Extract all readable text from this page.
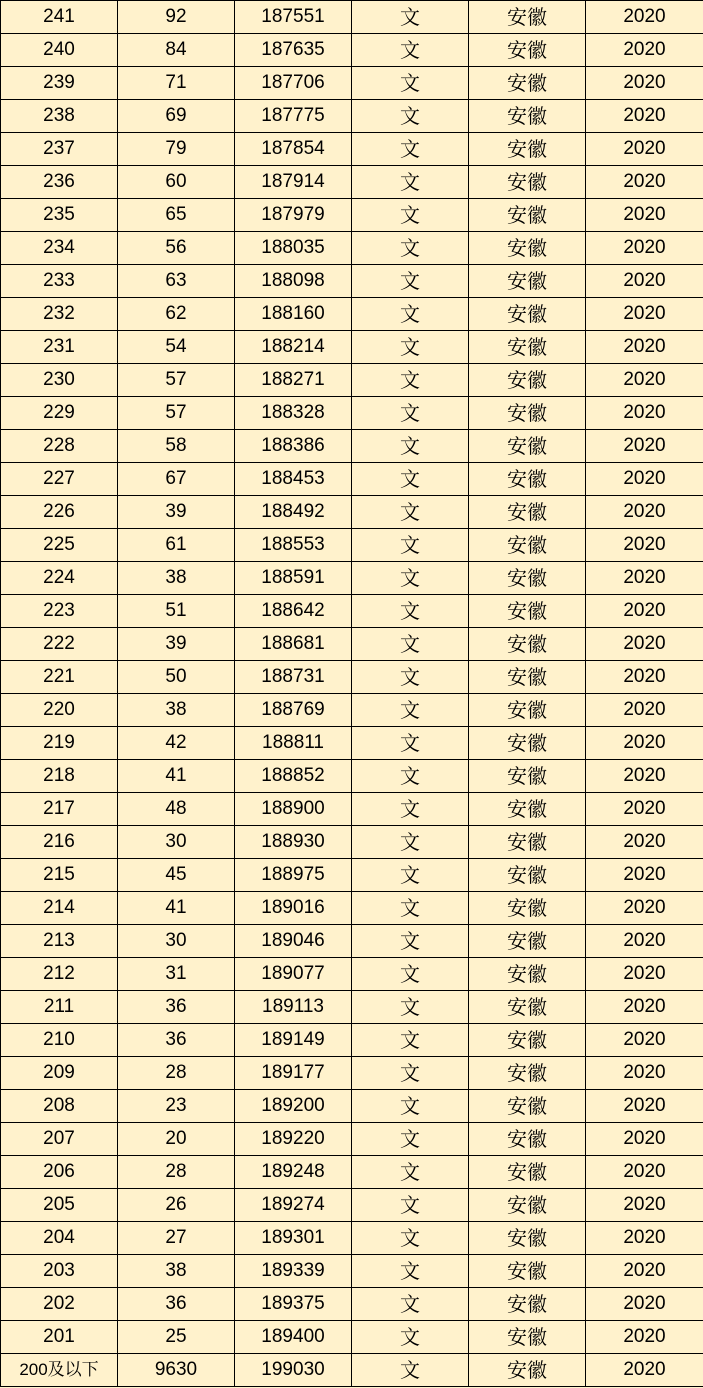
241	92	187551	文	安徽	2020
240	84	187635	文	安徽	2020
239	71	187706	文	安徽	2020
238	69	187775	文	安徽	2020
237	79	187854	文	安徽	2020
236	60	187914	文	安徽	2020
235	65	187979	文	安徽	2020
234	56	188035	文	安徽	2020
233	63	188098	文	安徽	2020
232	62	188160	文	安徽	2020
231	54	188214	文	安徽	2020
230	57	188271	文	安徽	2020
229	57	188328	文	安徽	2020
228	58	188386	文	安徽	2020
227	67	188453	文	安徽	2020
226	39	188492	文	安徽	2020
225	61	188553	文	安徽	2020
224	38	188591	文	安徽	2020
223	51	188642	文	安徽	2020
222	39	188681	文	安徽	2020
221	50	188731	文	安徽	2020
220	38	188769	文	安徽	2020
219	42	188811	文	安徽	2020
218	41	188852	文	安徽	2020
217	48	188900	文	安徽	2020
216	30	188930	文	安徽	2020
215	45	188975	文	安徽	2020
214	41	189016	文	安徽	2020
213	30	189046	文	安徽	2020
212	31	189077	文	安徽	2020
211	36	189113	文	安徽	2020
210	36	189149	文	安徽	2020
209	28	189177	文	安徽	2020
208	23	189200	文	安徽	2020
207	20	189220	文	安徽	2020
206	28	189248	文	安徽	2020
205	26	189274	文	安徽	2020
204	27	189301	文	安徽	2020
203	38	189339	文	安徽	2020
202	36	189375	文	安徽	2020
201	25	189400	文	安徽	2020
200及以下	9630	199030	文	安徽	2020
